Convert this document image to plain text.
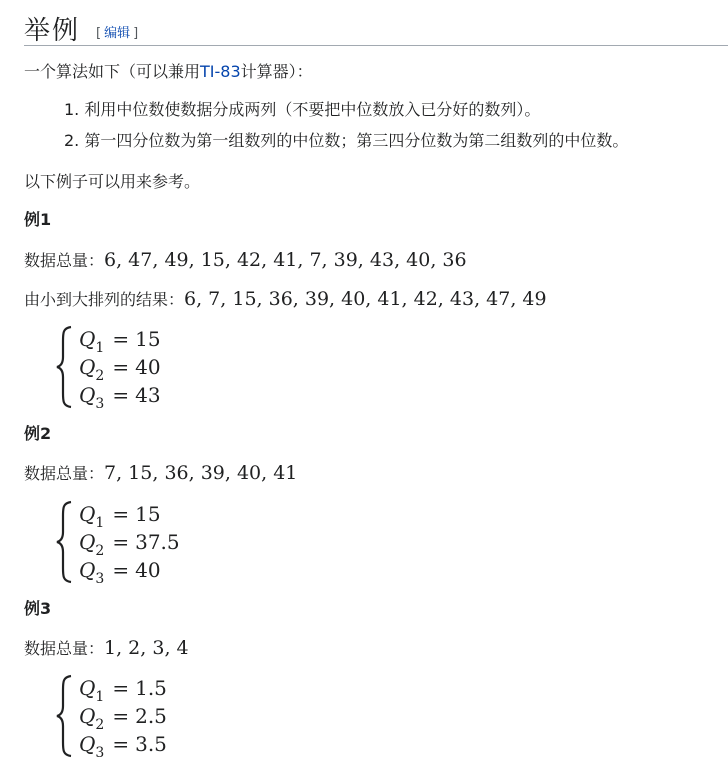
举例 [ 编辑 ]
一个算法如下（可以兼用TI-83计算器）：
1. 利用中位数使数据分成两列（不要把中位数放入已分好的数列）。
2. 第一四分位数为第一组数列的中位数；第三四分位数为第二组数列的中位数。
以下例子可以用来参考。
例1
数据总量：6, 47, 49, 15, 42, 41, 7, 39, 43, 40, 36
由小到大排列的结果：6, 7, 15, 36, 39, 40, 41, 42, 43, 47, 49
$Q_1 = 15$
$Q_2 = 40$
$Q_3 = 43$
例2
数据总量：7, 15, 36, 39, 40, 41
$Q_1 = 15$
$Q_2 = 37.5$
$Q_3 = 40$
例3
数据总量：1, 2, 3, 4
$Q_1 = 1.5$
$Q_2 = 2.5$
$Q_3 = 3.5$
